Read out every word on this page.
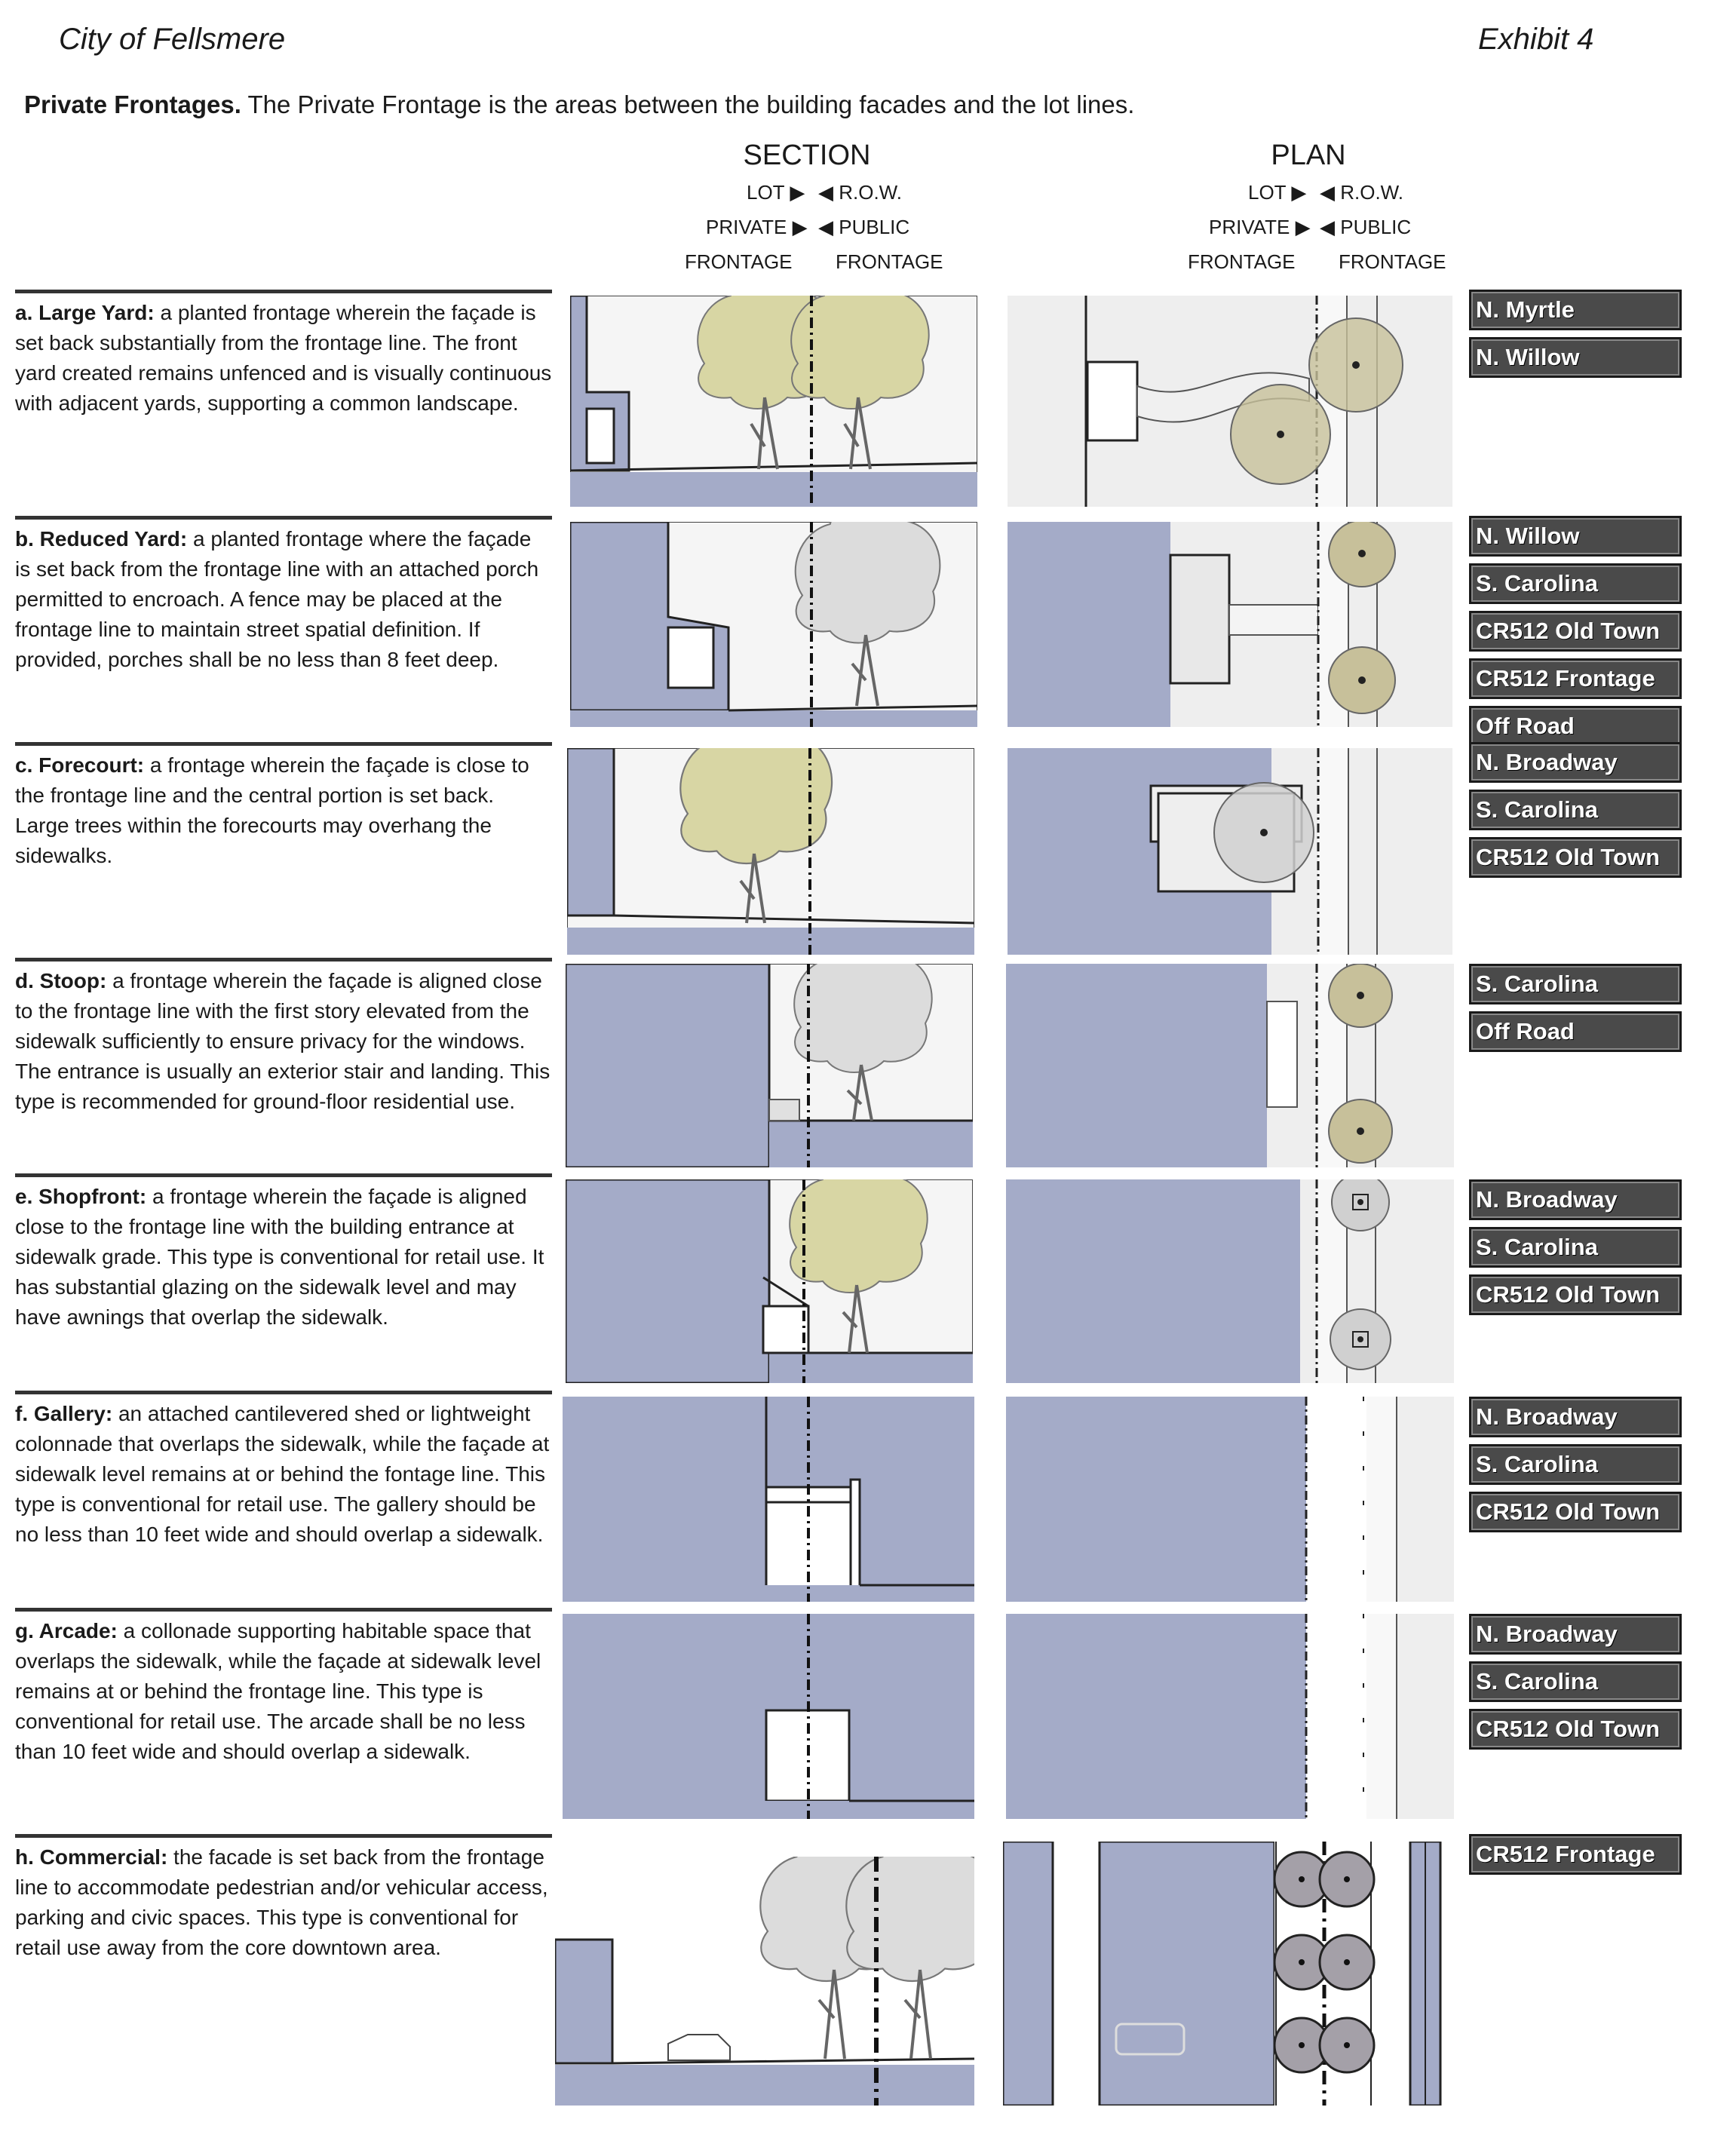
City of Fellsmere	Exhibit 4
Private Frontages. The Private Frontage is the areas between the building facades and the lot lines.
SECTION
LOT ▶ ◀ R.O.W.
PRIVATE ▶ ◀ PUBLIC
FRONTAGE FRONTAGE
PLAN
LOT ▶ ◀ R.O.W.
PRIVATE ▶ ◀ PUBLIC
FRONTAGE FRONTAGE
a. Large Yard: a planted frontage wherein the façade is set back substantially from the frontage line. The front yard created remains unfenced and is visually continuous with adjacent yards, supporting a common landscape.
N. Myrtle
N. Willow
b. Reduced Yard: a planted frontage where the façade is set back from the frontage line with an attached porch permitted to encroach. A fence may be placed at the frontage line to maintain street spatial definition. If provided, porches shall be no less than 8 feet deep.
N. Willow
S. Carolina
CR512 Old Town
CR512 Frontage
Off Road
c. Forecourt: a frontage wherein the façade is close to the frontage line and the central portion is set back. Large trees within the forecourts may overhang the sidewalks.
N. Broadway
S. Carolina
CR512 Old Town
d. Stoop: a frontage wherein the façade is aligned close to the frontage line with the first story elevated from the sidewalk sufficiently to ensure privacy for the windows. The entrance is usually an exterior stair and landing. This type is recommended for ground-floor residential use.
S. Carolina
Off Road
e. Shopfront: a frontage wherein the façade is aligned close to the frontage line with the building entrance at sidewalk grade. This type is conventional for retail use. It has substantial glazing on the sidewalk level and may have awnings that overlap the sidewalk.
N. Broadway
S. Carolina
CR512 Old Town
f. Gallery: an attached cantilevered shed or lightweight colonnade that overlaps the sidewalk, while the façade at sidewalk level remains at or behind the fontage line. This type is conventional for retail use. The gallery should be no less than 10 feet wide and should overlap a sidewalk.
N. Broadway
S. Carolina
CR512 Old Town
g. Arcade: a collonade supporting habitable space that overlaps the sidewalk, while the façade at sidewalk level remains at or behind the frontage line. This type is conventional for retail use. The arcade shall be no less than 10 feet wide and should overlap a sidewalk.
N. Broadway
S. Carolina
CR512 Old Town
h. Commercial: the facade is set back from the frontage line to accommodate pedestrian and/or vehicular access, parking and civic spaces. This type is conventional for retail use away from the core downtown area.
CR512 Frontage
